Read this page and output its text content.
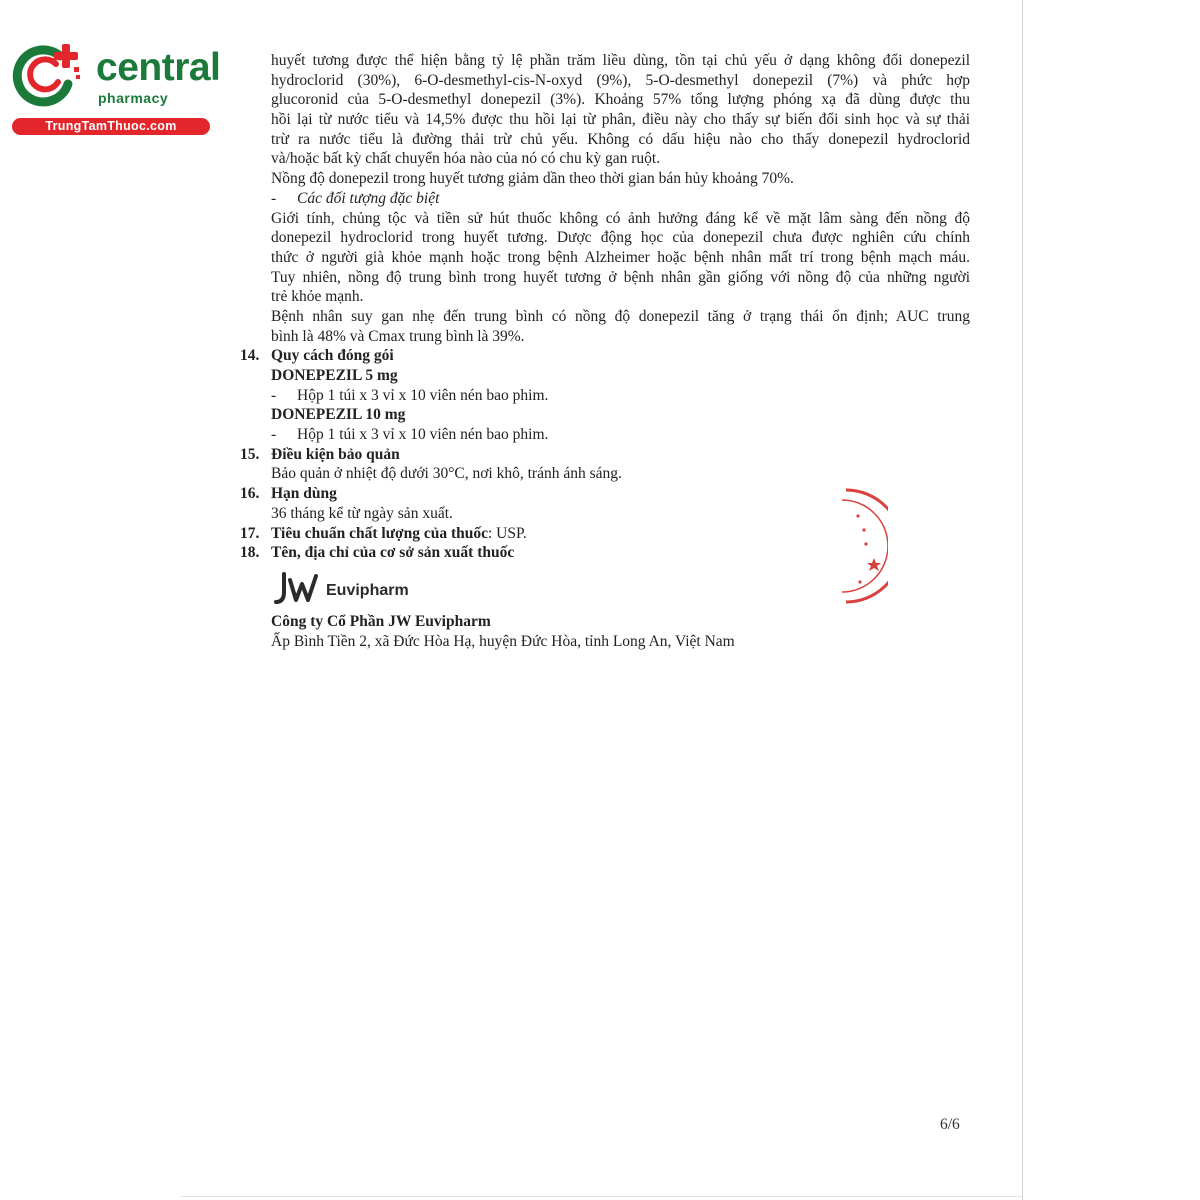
central
pharmacy
TrungTamThuoc.com
huyết tương được thể hiện bằng tỷ lệ phần trăm liều dùng, tồn tại chủ yếu ở dạng không đổi donepezil
hydroclorid (30%), 6-O-desmethyl-cis-N-oxyd (9%), 5-O-desmethyl donepezil (7%) và phức hợp
glucoronid của 5-O-desmethyl donepezil (3%). Khoảng 57% tổng lượng phóng xạ đã dùng được thu
hồi lại từ nước tiểu và 14,5% được thu hồi lại từ phân, điều này cho thấy sự biến đổi sinh học và sự thải
trừ ra nước tiểu là đường thải trừ chủ yếu. Không có dấu hiệu nào cho thấy donepezil hydroclorid
và/hoặc bất kỳ chất chuyển hóa nào của nó có chu kỳ gan ruột.
Nồng độ donepezil trong huyết tương giảm dần theo thời gian bán hủy khoảng 70%.
- Các đối tượng đặc biệt
Giới tính, chủng tộc và tiền sử hút thuốc không có ảnh hưởng đáng kể về mặt lâm sàng đến nồng độ
donepezil hydroclorid trong huyết tương. Dược động học của donepezil chưa được nghiên cứu chính
thức ở người già khỏe mạnh hoặc trong bệnh Alzheimer hoặc bệnh nhân mất trí trong bệnh mạch máu.
Tuy nhiên, nồng độ trung bình trong huyết tương ở bệnh nhân gần giống với nồng độ của những người
trẻ khỏe mạnh.
Bệnh nhân suy gan nhẹ đến trung bình có nồng độ donepezil tăng ở trạng thái ổn định; AUC trung
bình là 48% và Cmax trung bình là 39%.
14. Quy cách đóng gói
DONEPEZIL 5 mg
- Hộp 1 túi x 3 vỉ x 10 viên nén bao phim.
DONEPEZIL 10 mg
- Hộp 1 túi x 3 vỉ x 10 viên nén bao phim.
15. Điều kiện bảo quản
Bảo quản ở nhiệt độ dưới 30°C, nơi khô, tránh ánh sáng.
16. Hạn dùng
36 tháng kể từ ngày sản xuất.
17. Tiêu chuẩn chất lượng của thuốc: USP.
18. Tên, địa chỉ của cơ sở sản xuất thuốc
Euvipharm
Công ty Cổ Phần JW Euvipharm
Ấp Bình Tiền 2, xã Đức Hòa Hạ, huyện Đức Hòa, tỉnh Long An, Việt Nam
6/6
